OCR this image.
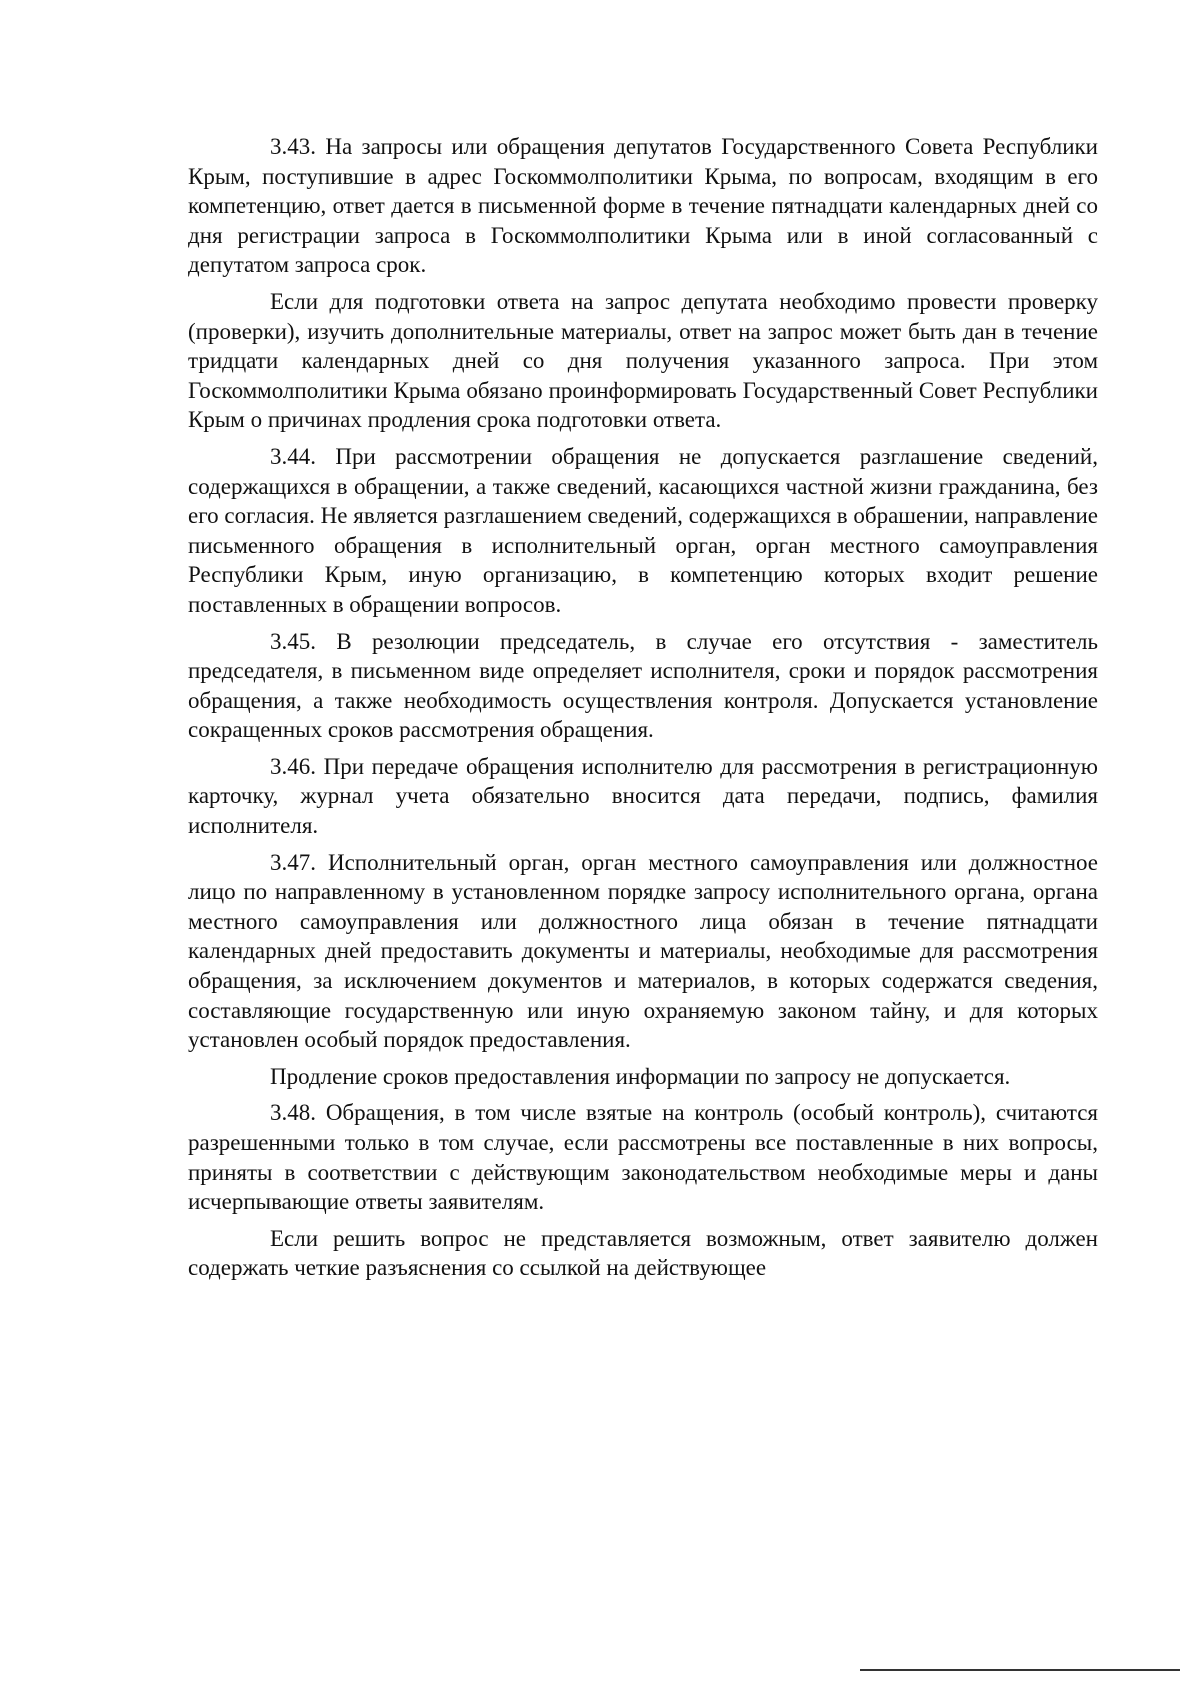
3.43. На запросы или обращения депутатов Государственного Совета Республики Крым, поступившие в адрес Госкоммолполитики Крыма, по вопросам, входящим в его компетенцию, ответ дается в письменной форме в течение пятнадцати календарных дней со дня регистрации запроса в Госкоммолполитики Крыма или в иной согласованный с депутатом запроса срок.

Если для подготовки ответа на запрос депутата необходимо провести проверку (проверки), изучить дополнительные материалы, ответ на запрос может быть дан в течение тридцати календарных дней со дня получения указанного запроса. При этом Госкоммолполитики Крыма обязано проинформировать Государственный Совет Республики Крым о причинах продления срока подготовки ответа.

3.44. При рассмотрении обращения не допускается разглашение сведений, содержащихся в обращении, а также сведений, касающихся частной жизни гражданина, без его согласия. Не является разглашением сведений, содержащихся в обрашении, направление письменного обращения в исполнительный орган, орган местного самоуправления Республики Крым, иную организацию, в компетенцию которых входит решение поставленных в обращении вопросов.

3.45. В резолюции председатель, в случае его отсутствия - заместитель председателя, в письменном виде определяет исполнителя, сроки и порядок рассмотрения обращения, а также необходимость осуществления контроля. Допускается установление сокращенных сроков рассмотрения обращения.

3.46. При передаче обращения исполнителю для рассмотрения в регистрационную карточку, журнал учета обязательно вносится дата передачи, подпись, фамилия исполнителя.

3.47. Исполнительный орган, орган местного самоуправления или должностное лицо по направленному в установленном порядке запросу исполнительного органа, органа местного самоуправления или должностного лица обязан в течение пятнадцати календарных дней предоставить документы и материалы, необходимые для рассмотрения обращения, за исключением документов и материалов, в которых содержатся сведения, составляющие государственную или иную охраняемую законом тайну, и для которых установлен особый порядок предоставления.

Продление сроков предоставления информации по запросу не допускается.

3.48. Обращения, в том числе взятые на контроль (особый контроль), считаются разрешенными только в том случае, если рассмотрены все поставленные в них вопросы, приняты в соответствии с действующим законодательством необходимые меры и даны исчерпывающие ответы заявителям.

Если решить вопрос не представляется возможным, ответ заявителю должен содержать четкие разъяснения со ссылкой на действующее
